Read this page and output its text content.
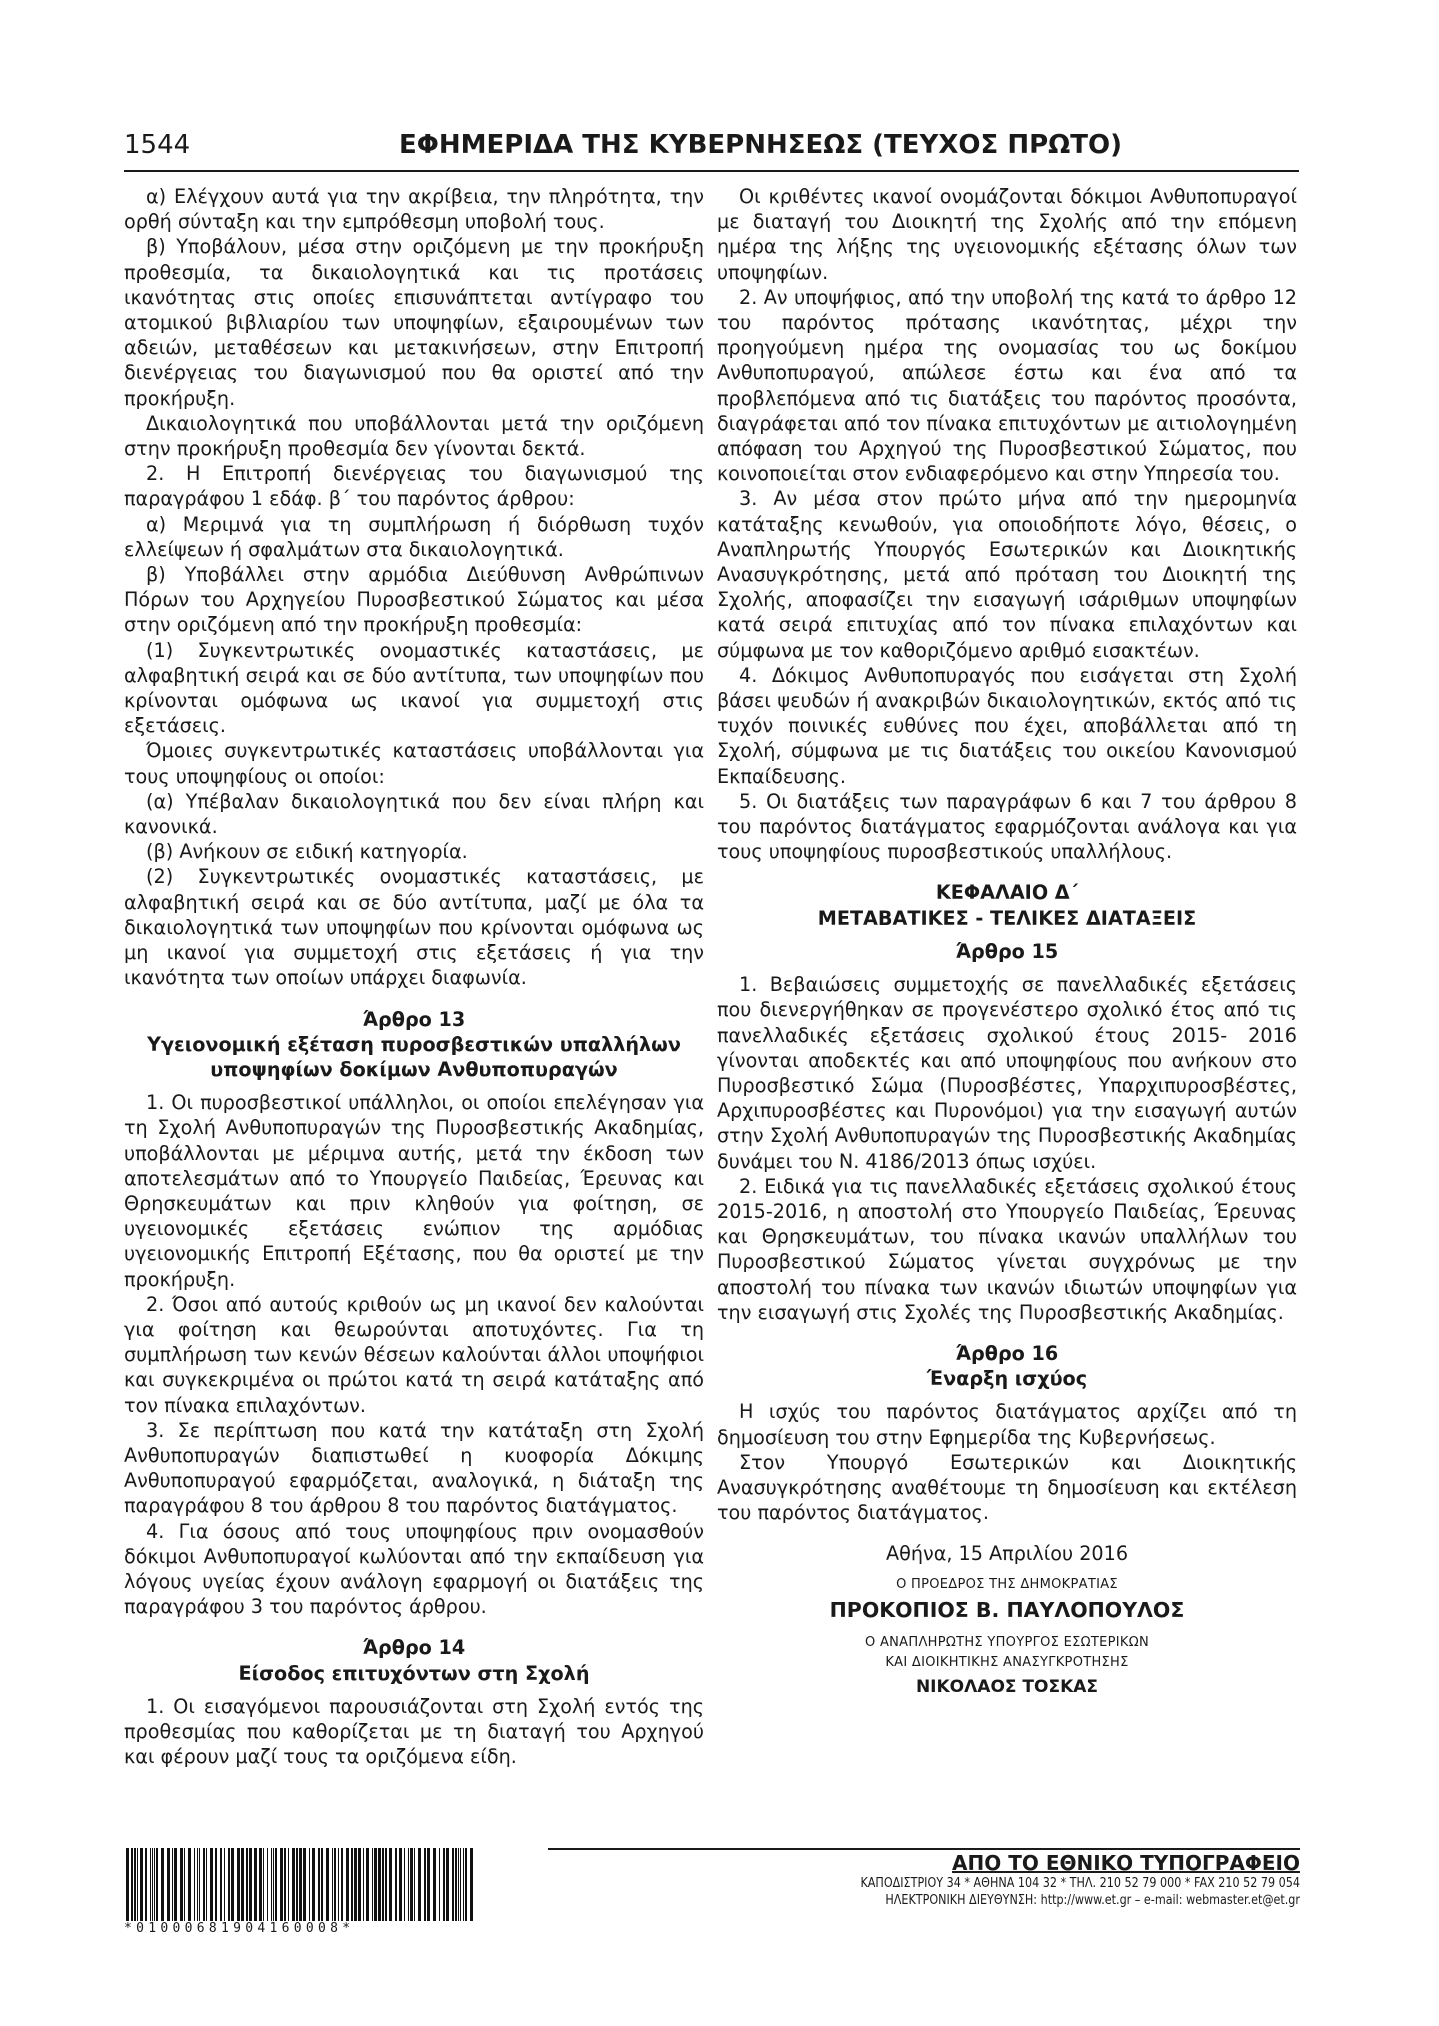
1544	ΕΦΗΜΕΡΙΔΑ ΤΗΣ ΚΥΒΕΡΝΗΣΕΩΣ (ΤΕΥΧΟΣ ΠΡΩΤΟ)

α) Ελέγχουν αυτά για την ακρίβεια, την πληρότητα, την ορθή σύνταξη και την εμπρόθεσμη υποβολή τους.

β) Υποβάλουν, μέσα στην οριζόμενη με την προκήρυξη προθεσμία, τα δικαιολογητικά και τις προτάσεις ικανότητας στις οποίες επισυνάπτεται αντίγραφο του ατομικού βιβλιαρίου των υποψηφίων, εξαιρουμένων των αδειών, μεταθέσεων και μετακινήσεων, στην Επιτροπή διενέργειας του διαγωνισμού που θα οριστεί από την προκήρυξη.

Δικαιολογητικά που υποβάλλονται μετά την οριζόμενη στην προκήρυξη προθεσμία δεν γίνονται δεκτά.

2. Η Επιτροπή διενέργειας του διαγωνισμού της παραγράφου 1 εδάφ. β΄ του παρόντος άρθρου:

α) Μεριμνά για τη συμπλήρωση ή διόρθωση τυχόν ελλείψεων ή σφαλμάτων στα δικαιολογητικά.

β) Υποβάλλει στην αρμόδια Διεύθυνση Ανθρώπινων Πόρων του Αρχηγείου Πυροσβεστικού Σώματος και μέσα στην οριζόμενη από την προκήρυξη προθεσμία:

(1) Συγκεντρωτικές ονομαστικές καταστάσεις, με αλφαβητική σειρά και σε δύο αντίτυπα, των υποψηφίων που κρίνονται ομόφωνα ως ικανοί για συμμετοχή στις εξετάσεις.

Όμοιες συγκεντρωτικές καταστάσεις υποβάλλονται για τους υποψηφίους οι οποίοι:

(α) Υπέβαλαν δικαιολογητικά που δεν είναι πλήρη και κανονικά.

(β) Ανήκουν σε ειδική κατηγορία.

(2) Συγκεντρωτικές ονομαστικές καταστάσεις, με αλφαβητική σειρά και σε δύο αντίτυπα, μαζί με όλα τα δικαιολογητικά των υποψηφίων που κρίνονται ομόφωνα ως μη ικανοί για συμμετοχή στις εξετάσεις ή για την ικανότητα των οποίων υπάρχει διαφωνία.

Άρθρο 13
Υγειονομική εξέταση πυροσβεστικών υπαλλήλων υποψηφίων δοκίμων Ανθυποπυραγών

1. Οι πυροσβεστικοί υπάλληλοι, οι οποίοι επελέγησαν για τη Σχολή Ανθυποπυραγών της Πυροσβεστικής Ακαδημίας, υποβάλλονται με μέριμνα αυτής, μετά την έκδοση των αποτελεσμάτων από το Υπουργείο Παιδείας, Έρευνας και Θρησκευμάτων και πριν κληθούν για φοίτηση, σε υγειονομικές εξετάσεις ενώπιον της αρμόδιας υγειονομικής Επιτροπή Εξέτασης, που θα οριστεί με την προκήρυξη.

2. Όσοι από αυτούς κριθούν ως μη ικανοί δεν καλούνται για φοίτηση και θεωρούνται αποτυχόντες. Για τη συμπλήρωση των κενών θέσεων καλούνται άλλοι υποψήφιοι και συγκεκριμένα οι πρώτοι κατά τη σειρά κατάταξης από τον πίνακα επιλαχόντων.

3. Σε περίπτωση που κατά την κατάταξη στη Σχολή Ανθυποπυραγών διαπιστωθεί η κυοφορία Δόκιμης Ανθυποπυραγού εφαρμόζεται, αναλογικά, η διάταξη της παραγράφου 8 του άρθρου 8 του παρόντος διατάγματος.

4. Για όσους από τους υποψηφίους πριν ονομασθούν δόκιμοι Ανθυποπυραγοί κωλύονται από την εκπαίδευση για λόγους υγείας έχουν ανάλογη εφαρμογή οι διατάξεις της παραγράφου 3 του παρόντος άρθρου.

Άρθρο 14
Είσοδος επιτυχόντων στη Σχολή

1. Οι εισαγόμενοι παρουσιάζονται στη Σχολή εντός της προθεσμίας που καθορίζεται με τη διαταγή του Αρχηγού και φέρουν μαζί τους τα οριζόμενα είδη.

Οι κριθέντες ικανοί ονομάζονται δόκιμοι Ανθυποπυραγοί με διαταγή του Διοικητή της Σχολής από την επόμενη ημέρα της λήξης της υγειονομικής εξέτασης όλων των υποψηφίων.

2. Αν υποψήφιος, από την υποβολή της κατά το άρθρο 12 του παρόντος πρότασης ικανότητας, μέχρι την προηγούμενη ημέρα της ονομασίας του ως δοκίμου Ανθυποπυραγού, απώλεσε έστω και ένα από τα προβλεπόμενα από τις διατάξεις του παρόντος προσόντα, διαγράφεται από τον πίνακα επιτυχόντων με αιτιολογημένη απόφαση του Αρχηγού της Πυροσβεστικού Σώματος, που κοινοποιείται στον ενδιαφερόμενο και στην Υπηρεσία του.

3. Αν μέσα στον πρώτο μήνα από την ημερομηνία κατάταξης κενωθούν, για οποιοδήποτε λόγο, θέσεις, ο Αναπληρωτής Υπουργός Εσωτερικών και Διοικητικής Ανασυγκρότησης, μετά από πρόταση του Διοικητή της Σχολής, αποφασίζει την εισαγωγή ισάριθμων υποψηφίων κατά σειρά επιτυχίας από τον πίνακα επιλαχόντων και σύμφωνα με τον καθοριζόμενο αριθμό εισακτέων.

4. Δόκιμος Ανθυποπυραγός που εισάγεται στη Σχολή βάσει ψευδών ή ανακριβών δικαιολογητικών, εκτός από τις τυχόν ποινικές ευθύνες που έχει, αποβάλλεται από τη Σχολή, σύμφωνα με τις διατάξεις του οικείου Κανονισμού Εκπαίδευσης.

5. Οι διατάξεις των παραγράφων 6 και 7 του άρθρου 8 του παρόντος διατάγματος εφαρμόζονται ανάλογα και για τους υποψηφίους πυροσβεστικούς υπαλλήλους.

ΚΕΦΑΛΑΙΟ Δ΄
ΜΕΤΑΒΑΤΙΚΕΣ - ΤΕΛΙΚΕΣ ΔΙΑΤΑΞΕΙΣ
Άρθρο 15

1. Βεβαιώσεις συμμετοχής σε πανελλαδικές εξετάσεις που διενεργήθηκαν σε προγενέστερο σχολικό έτος από τις πανελλαδικές εξετάσεις σχολικού έτους 2015- 2016 γίνονται αποδεκτές και από υποψηφίους που ανήκουν στο Πυροσβεστικό Σώμα (Πυροσβέστες, Υπαρχιπυροσβέστες, Αρχιπυροσβέστες και Πυρονόμοι) για την εισαγωγή αυτών στην Σχολή Ανθυποπυραγών της Πυροσβεστικής Ακαδημίας δυνάμει του Ν. 4186/2013 όπως ισχύει.

2. Ειδικά για τις πανελλαδικές εξετάσεις σχολικού έτους 2015-2016, η αποστολή στο Υπουργείο Παιδείας, Έρευνας και Θρησκευμάτων, του πίνακα ικανών υπαλλήλων του Πυροσβεστικού Σώματος γίνεται συγχρόνως με την αποστολή του πίνακα των ικανών ιδιωτών υποψηφίων για την εισαγωγή στις Σχολές της Πυροσβεστικής Ακαδημίας.

Άρθρο 16
Έναρξη ισχύος

Η ισχύς του παρόντος διατάγματος αρχίζει από τη δημοσίευση του στην Εφημερίδα της Κυβερνήσεως.

Στον Υπουργό Εσωτερικών και Διοικητικής Ανασυγκρότησης αναθέτουμε τη δημοσίευση και εκτέλεση του παρόντος διατάγματος.

Αθήνα, 15 Απριλίου 2016

Ο ΠΡΟΕΔΡΟΣ ΤΗΣ ΔΗΜΟΚΡΑΤΙΑΣ
ΠΡΟΚΟΠΙΟΣ Β. ΠΑΥΛΟΠΟΥΛΟΣ
Ο ΑΝΑΠΛΗΡΩΤΗΣ ΥΠΟΥΡΓΟΣ ΕΣΩΤΕΡΙΚΩΝ
ΚΑΙ ΔΙΟΙΚΗΤΙΚΗΣ ΑΝΑΣΥΓΚΡΟΤΗΣΗΣ
ΝΙΚΟΛΑΟΣ ΤΟΣΚΑΣ
*01000681904160008*
ΑΠΟ ΤΟ ΕΘΝΙΚΟ ΤΥΠΟΓΡΑΦΕΙΟ
ΚΑΠΟΔΙΣΤΡΙΟΥ 34 * ΑΘΗΝΑ 104 32 * ΤΗΛ. 210 52 79 000 * FAX 210 52 79 054
ΗΛΕΚΤΡΟΝΙΚΗ ΔΙΕΥΘΥΝΣΗ: http://www.et.gr – e-mail: webmaster.et@et.gr
